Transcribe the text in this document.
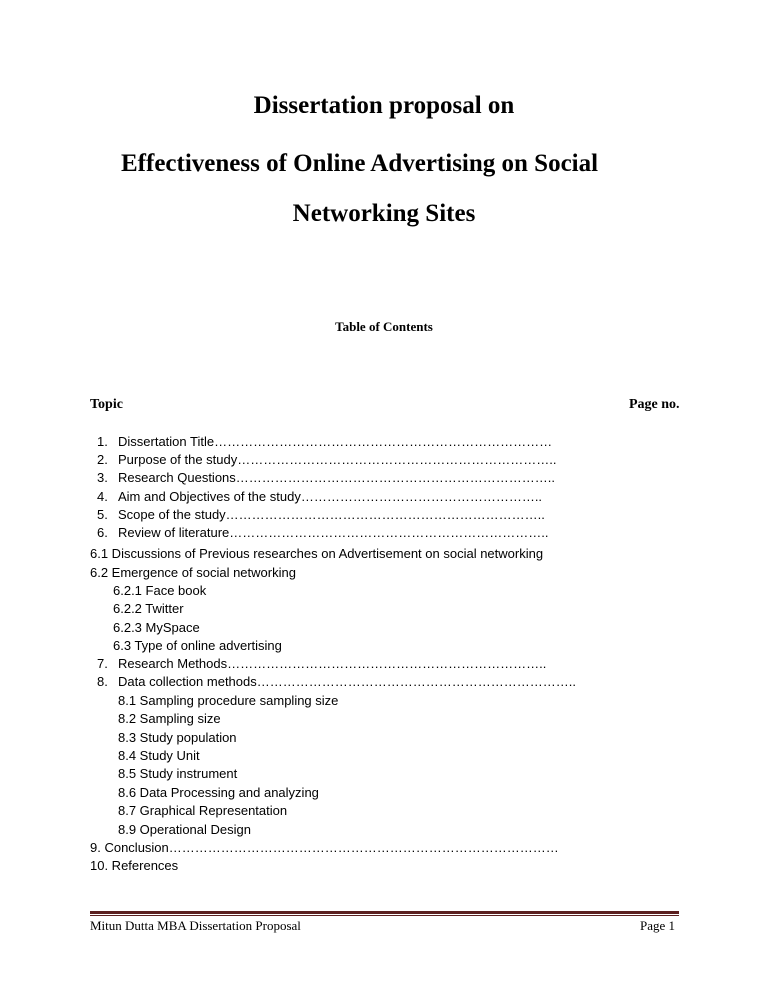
Dissertation proposal on
Effectiveness of Online Advertising on Social
Networking Sites
Table of Contents
Topic	Page no.
1. Dissertation Title……………………………………………………………………
2. Purpose of the study………………………………………………………………..
3. Research Questions………………………………………………………………..
4. Aim and Objectives of the study………………………………………………..
5. Scope of the study………………………………………………………………..
6. Review of literature………………………………………………………………..
6.1 Discussions of Previous researches on Advertisement on social networking
6.2 Emergence of social networking
6.2.1 Face book
6.2.2 Twitter
6.2.3 MySpace
6.3 Type of online advertising
7. Research Methods………………………………………………………………..
8. Data collection methods………………………………………………………………..
8.1 Sampling procedure sampling size
8.2 Sampling size
8.3 Study population
8.4 Study Unit
8.5 Study instrument
8.6 Data Processing and analyzing
8.7 Graphical Representation
8.9 Operational Design
9. Conclusion………………………………………………………………………………
10. References
Mitun Dutta MBA Dissertation Proposal	Page 1
